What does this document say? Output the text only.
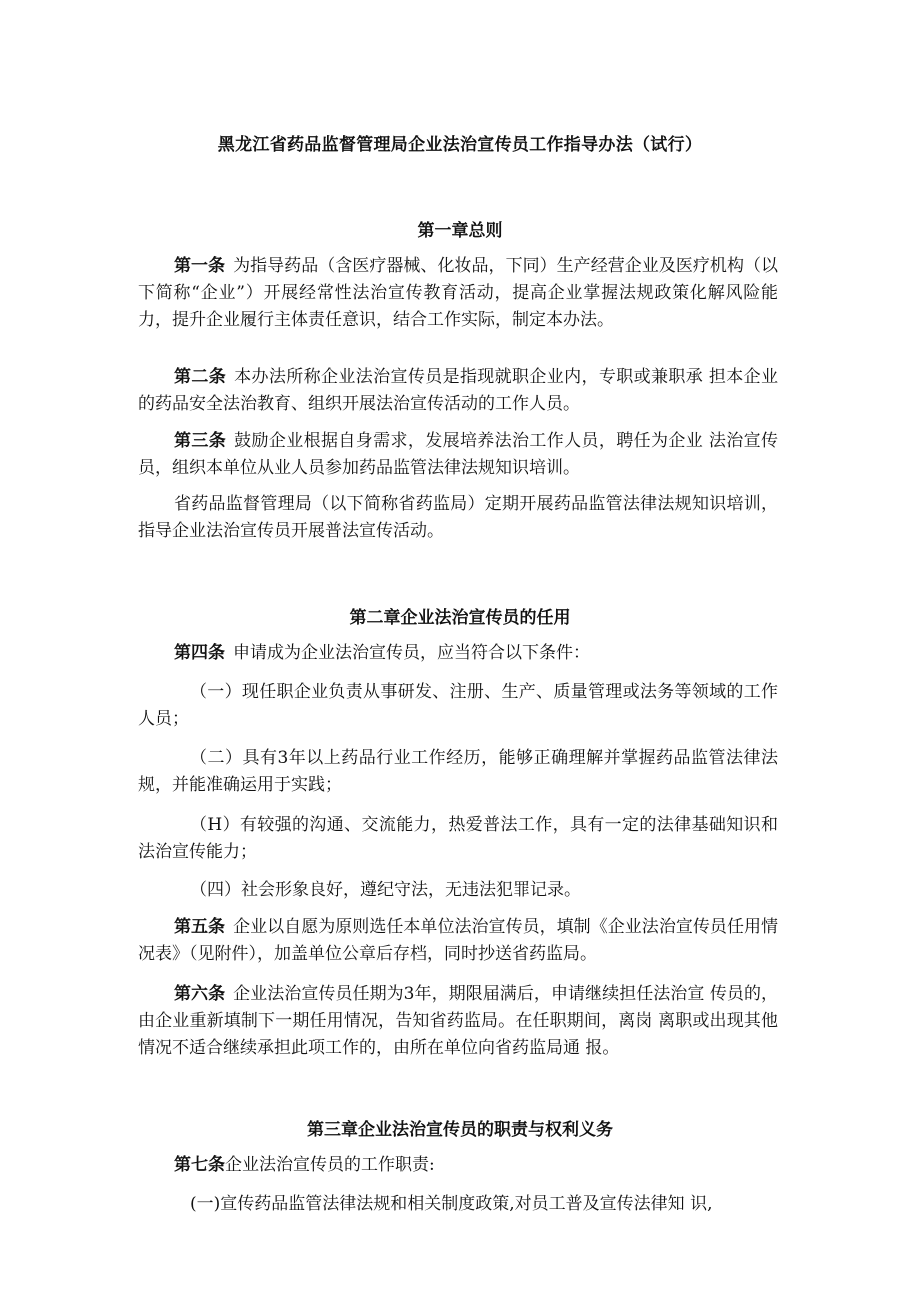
黑龙江省药品监督管理局企业法治宣传员工作指导办法（试行）
第一章总则
第一条 为指导药品（含医疗器械、化妆品，下同）生产经营企业及医疗机构（以下简称“企业”）开展经常性法治宣传教育活动，提高企业掌握法规政策化解风险能力，提升企业履行主体责任意识，结合工作实际，制定本办法。
第二条 本办法所称企业法治宣传员是指现就职企业内，专职或兼职承 担本企业的药品安全法治教育、组织开展法治宣传活动的工作人员。
第三条 鼓励企业根据自身需求，发展培养法治工作人员，聘任为企业 法治宣传员，组织本单位从业人员参加药品监管法律法规知识培训。
省药品监督管理局（以下简称省药监局）定期开展药品监管法律法规知识培训，指导企业法治宣传员开展普法宣传活动。
第二章企业法治宣传员的任用
第四条 申请成为企业法治宣传员，应当符合以下条件：
（一）现任职企业负责从事研发、注册、生产、质量管理或法务等领域的工作人员；
（二）具有3年以上药品行业工作经历，能够正确理解并掌握药品监管法律法规，并能准确运用于实践；
（H）有较强的沟通、交流能力，热爱普法工作，具有一定的法律基础知识和法治宣传能力；
（四）社会形象良好，遵纪守法，无违法犯罪记录。
第五条 企业以自愿为原则选任本单位法治宣传员，填制《企业法治宣传员任用情况表》（见附件），加盖单位公章后存档，同时抄送省药监局。
第六条 企业法治宣传员任期为3年，期限届满后，申请继续担任法治宣 传员的，由企业重新填制下一期任用情况，告知省药监局。在任职期间，离岗 离职或出现其他情况不适合继续承担此项工作的，由所在单位向省药监局通 报。
第三章企业法治宣传员的职责与权利义务
第七条企业法治宣传员的工作职责:
(一)宣传药品监管法律法规和相关制度政策,对员工普及宣传法律知 识,
